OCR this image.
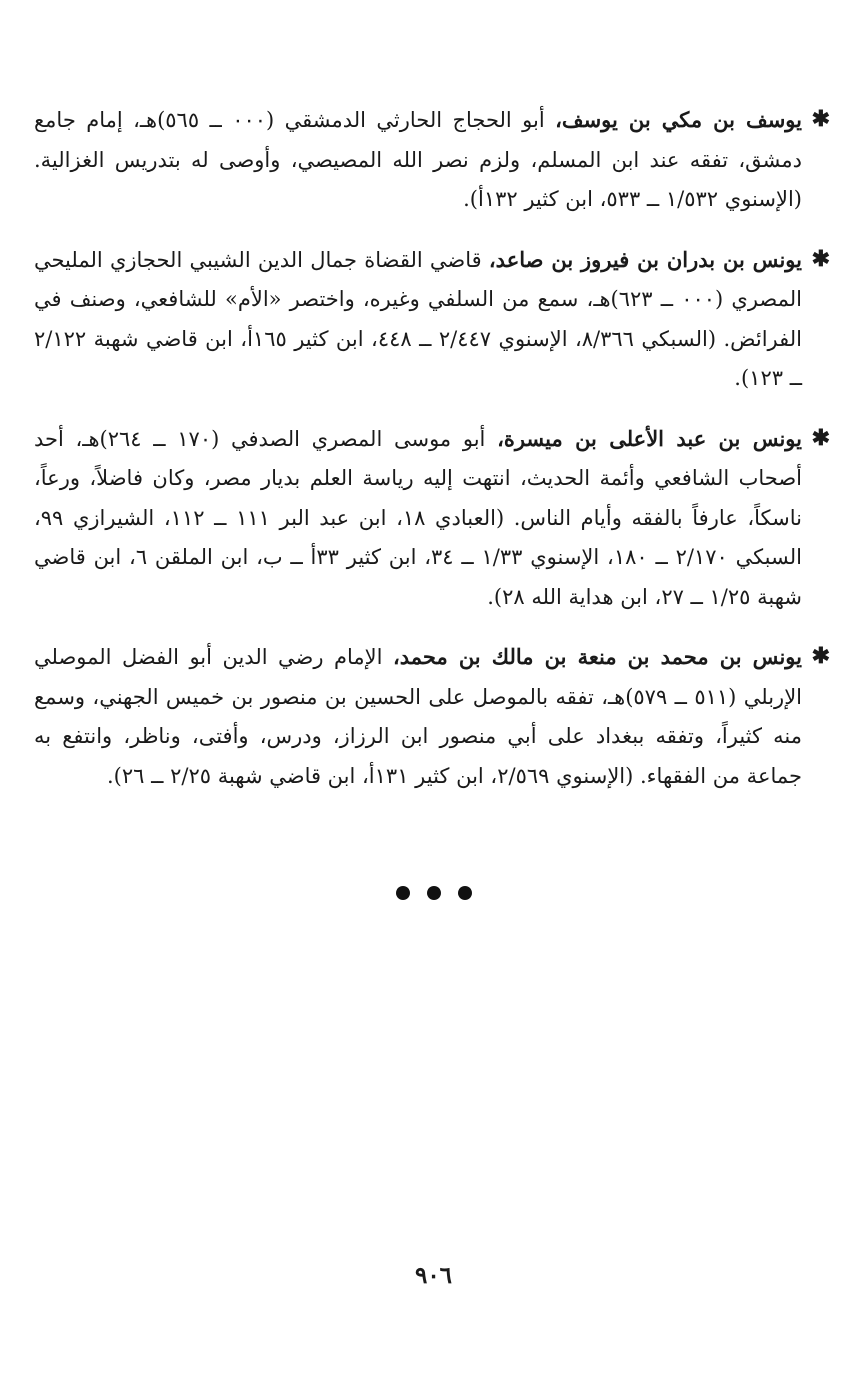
✱
يوسف بن مكي بن يوسف، أبو الحجاج الحارثي الدمشقي (٠٠٠ ــ ٥٦٥)هـ، إمام جامع دمشق، تفقه عند ابن المسلم، ولزم نصر الله المصيصي، وأوصى له بتدريس الغزالية. (الإسنوي ١/٥٣٢ ــ ٥٣٣، ابن كثير ١٣٢أ).

✱
يونس بن بدران بن فيروز بن صاعد، قاضي القضاة جمال الدين الشيبي الحجازي المليحي المصري (٠٠٠ ــ ٦٢٣)هـ، سمع من السلفي وغيره، واختصر «الأم» للشافعي، وصنف في الفرائض. (السبكي ٨/٣٦٦، الإسنوي ٢/٤٤٧ ــ ٤٤٨، ابن كثير ١٦٥أ، ابن قاضي شهبة ٢/١٢٢ ــ ١٢٣).

✱
يونس بن عبد الأعلى بن ميسرة، أبو موسى المصري الصدفي (١٧٠ ــ ٢٦٤)هـ، أحد أصحاب الشافعي وأئمة الحديث، انتهت إليه رياسة العلم بديار مصر، وكان فاضلاً، ورعاً، ناسكاً، عارفاً بالفقه وأيام الناس. (العبادي ١٨، ابن عبد البر ١١١ ــ ١١٢، الشيرازي ٩٩، السبكي ٢/١٧٠ ــ ١٨٠، الإسنوي ١/٣٣ ــ ٣٤، ابن كثير ٣٣أ ــ ب، ابن الملقن ٦، ابن قاضي شهبة ١/٢٥ ــ ٢٧، ابن هداية الله ٢٨).

✱
يونس بن محمد بن منعة بن مالك بن محمد، الإمام رضي الدين أبو الفضل الموصلي الإربلي (٥١١ ــ ٥٧٩)هـ، تفقه بالموصل على الحسين بن منصور بن خميس الجهني، وسمع منه كثيراً، وتفقه ببغداد على أبي منصور ابن الرزاز، ودرس، وأفتى، وناظر، وانتفع به جماعة من الفقهاء. (الإسنوي ٢/٥٦٩، ابن كثير ١٣١أ، ابن قاضي شهبة ٢/٢٥ ــ ٢٦).

٩٠٦
